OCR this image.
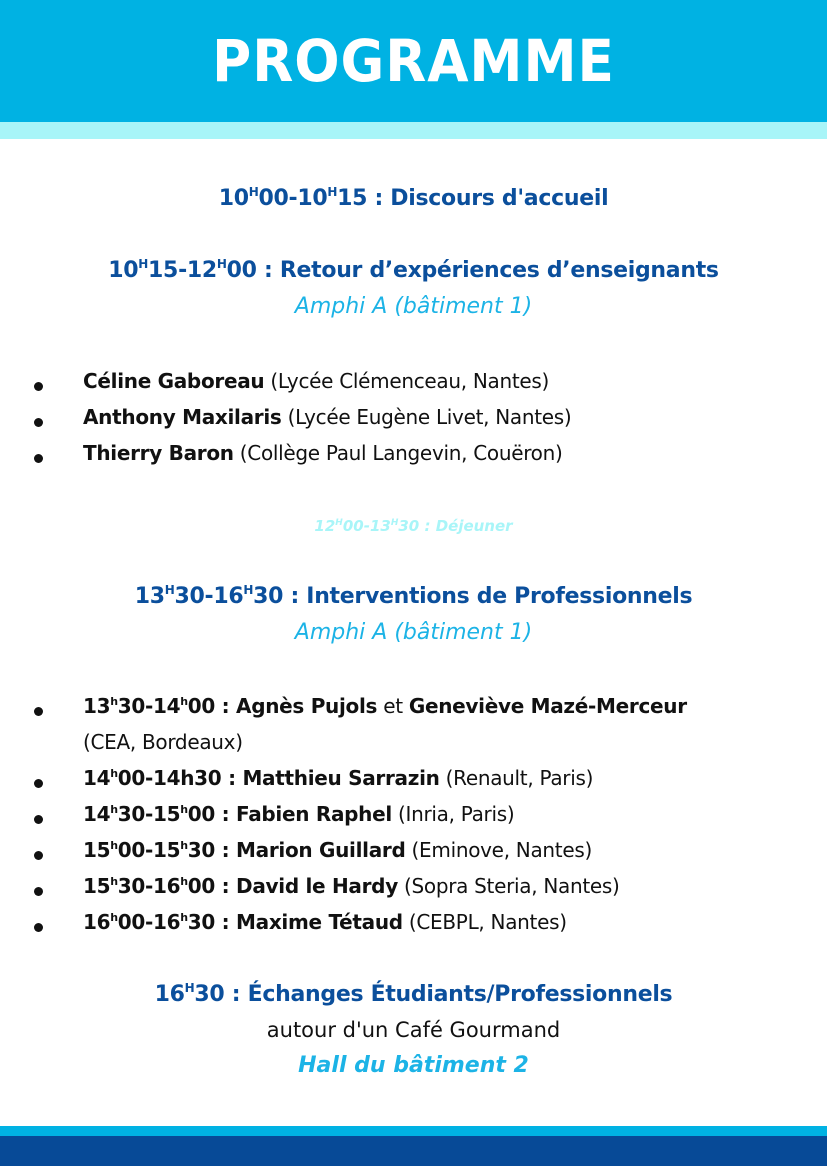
PROGRAMME
$10^H00-10^H15$ : Discours d'accueil
$10^H15-12^H00$ : Retour d’expériences d’enseignants
Amphi A (bâtiment 1)
Céline Gaboreau (Lycée Clémenceau, Nantes)
Anthony Maxilaris (Lycée Eugène Livet, Nantes)
Thierry Baron (Collège Paul Langevin, Couëron)
$12^H00-13^H30$ : Déjeuner
$13^H30-16^H30$ : Interventions de Professionnels
Amphi A (bâtiment 1)
13$^h$30-14$^h$00 : Agnès Pujols et Geneviève Mazé-Merceur
(CEA, Bordeaux)
14$^h$00-14h30 : Matthieu Sarrazin (Renault, Paris)
14$^h$30-15$^h$00 : Fabien Raphel (Inria, Paris)
15$^h$00-15$^h$30 : Marion Guillard (Eminove, Nantes)
15$^h$30-16$^h$00 : David le Hardy (Sopra Steria, Nantes)
16$^h$00-16$^h$30 : Maxime Tétaud (CEBPL, Nantes)
$16^H30$ : Échanges Étudiants/Professionnels
autour d'un Café Gourmand
Hall du bâtiment 2
